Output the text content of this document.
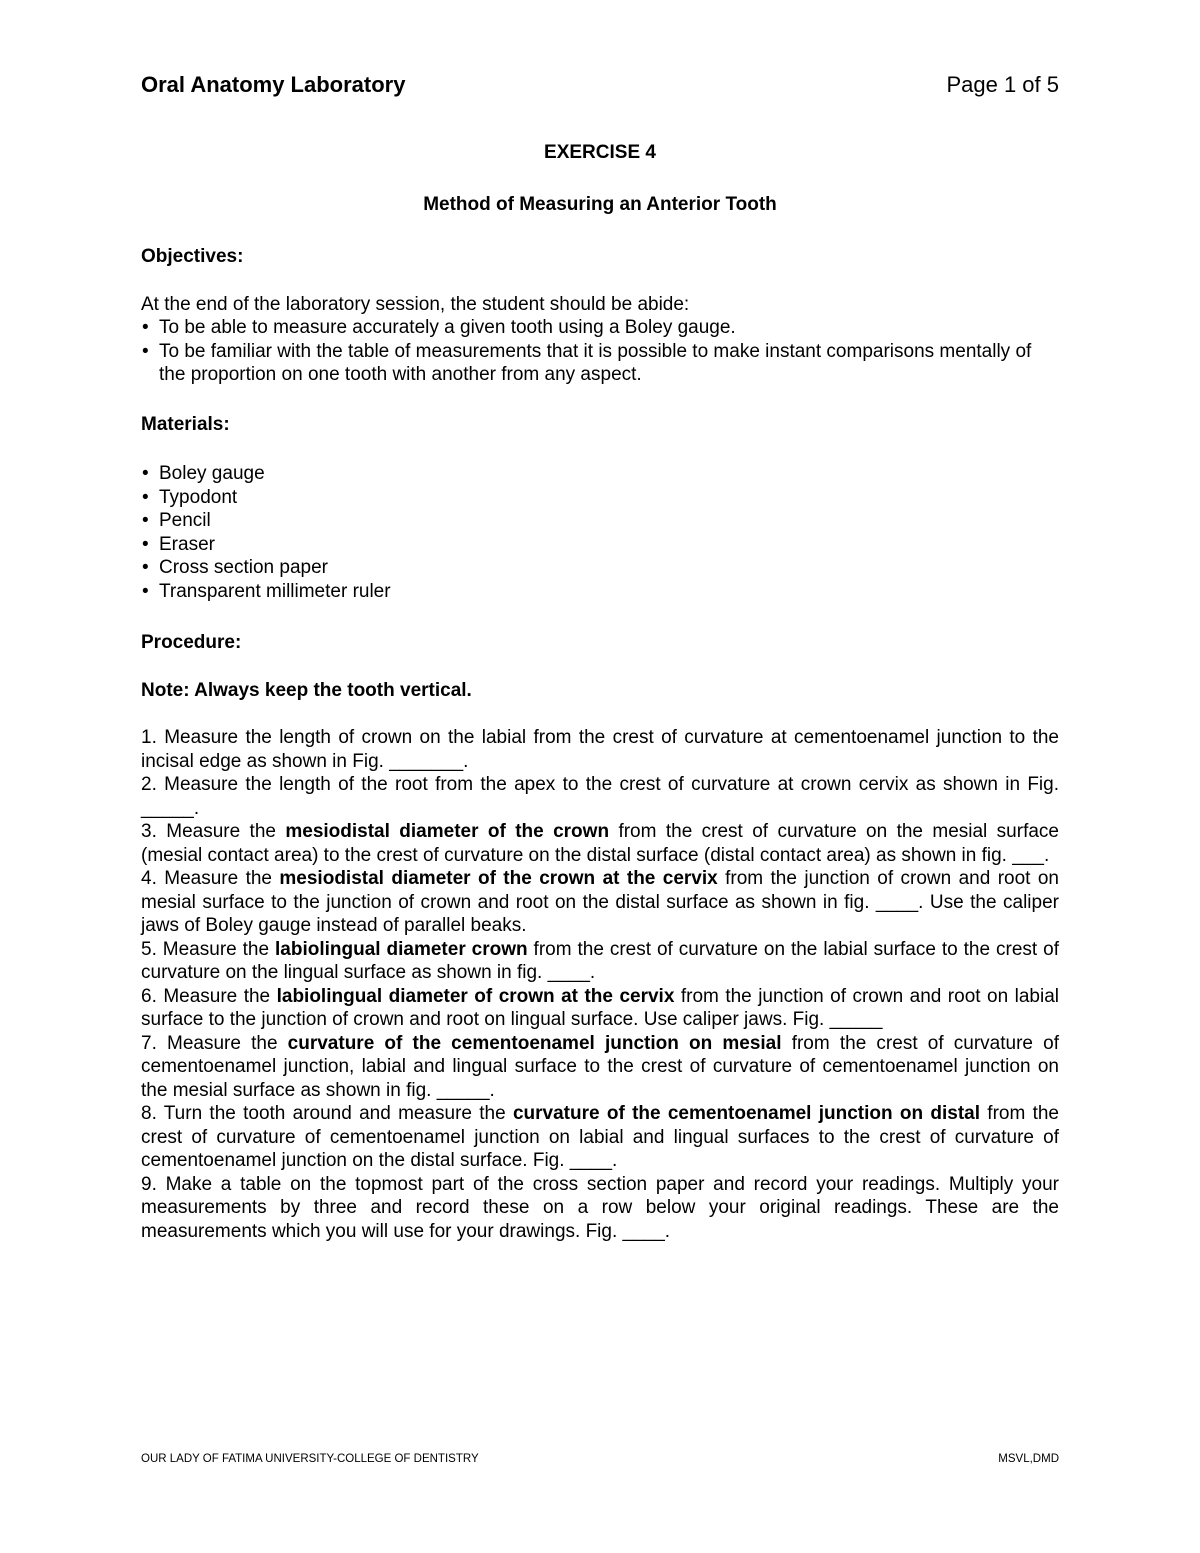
Oral Anatomy Laboratory	Page 1 of 5
EXERCISE 4
Method of Measuring an Anterior Tooth
Objectives:
At the end of the laboratory session, the student should be abide:
• To be able to measure accurately a given tooth using a Boley gauge.
• To be familiar with the table of measurements that it is possible to make instant comparisons mentally of the proportion on one tooth with another from any aspect.
Materials:
• Boley gauge
• Typodont
• Pencil
• Eraser
• Cross section paper
• Transparent millimeter ruler
Procedure:
Note: Always keep the tooth vertical.

1. Measure the length of crown on the labial from the crest of curvature at cementoenamel junction to the incisal edge as shown in Fig. _______.

2. Measure the length of the root from the apex to the crest of curvature at crown cervix as shown in Fig. _____.

3. Measure the mesiodistal diameter of the crown from the crest of curvature on the mesial surface (mesial contact area) to the crest of curvature on the distal surface (distal contact area) as shown in fig. ___.

4. Measure the mesiodistal diameter of the crown at the cervix from the junction of crown and root on mesial surface to the junction of crown and root on the distal surface as shown in fig. ____. Use the caliper jaws of Boley gauge instead of parallel beaks.

5. Measure the labiolingual diameter crown from the crest of curvature on the labial surface to the crest of curvature on the lingual surface as shown in fig. ____.

6. Measure the labiolingual diameter of crown at the cervix from the junction of crown and root on labial surface to the junction of crown and root on lingual surface. Use caliper jaws. Fig. _____

7. Measure the curvature of the cementoenamel junction on mesial from the crest of curvature of cementoenamel junction, labial and lingual surface to the crest of curvature of cementoenamel junction on the mesial surface as shown in fig. _____.

8. Turn the tooth around and measure the curvature of the cementoenamel junction on distal from the crest of curvature of cementoenamel junction on labial and lingual surfaces to the crest of curvature of cementoenamel junction on the distal surface. Fig. ____.

9. Make a table on the topmost part of the cross section paper and record your readings. Multiply your measurements by three and record these on a row below your original readings. These are the measurements which you will use for your drawings. Fig. ____.

OUR LADY OF FATIMA UNIVERSITY-COLLEGE OF DENTISTRY	MSVL,DMD
